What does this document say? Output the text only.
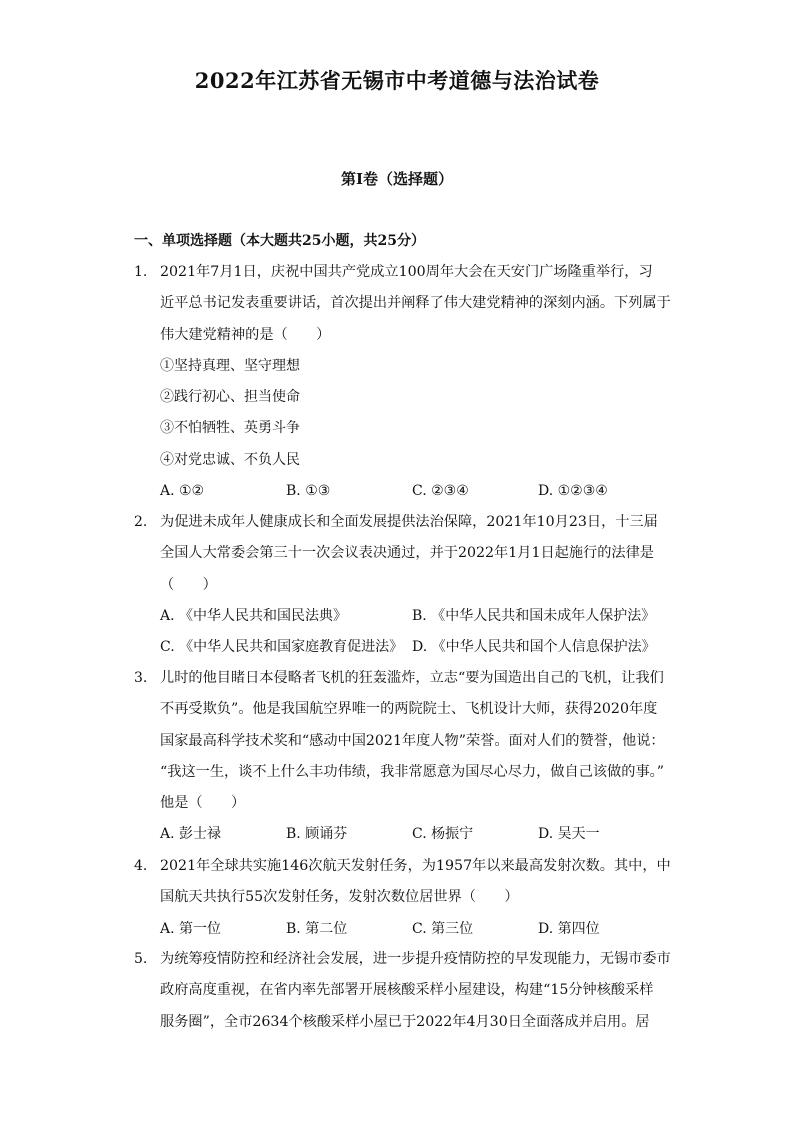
2022年江苏省无锡市中考道德与法治试卷
第I卷（选择题）
一、单项选择题（本大题共25小题，共25分）
1. 2021年7月1日，庆祝中国共产党成立100周年大会在天安门广场隆重举行，习
近平总书记发表重要讲话，首次提出并阐释了伟大建党精神的深刻内涵。下列属于
伟大建党精神的是（　　）
①坚持真理、坚守理想
②践行初心、担当使命
③不怕牺牲、英勇斗争
④对党忠诚、不负人民
A. ①②	B. ①③	C. ②③④	D. ①②③④
2. 为促进未成年人健康成长和全面发展提供法治保障，2021年10月23日，十三届
全国人大常委会第三十一次会议表决通过，并于2022年1月1日起施行的法律是
（　　）
A. 《中华人民共和国民法典》	B. 《中华人民共和国未成年人保护法》
C. 《中华人民共和国家庭教育促进法》 D. 《中华人民共和国个人信息保护法》
3. 儿时的他目睹日本侵略者飞机的狂轰滥炸，立志“要为国造出自己的飞机，让我们
不再受欺负”。他是我国航空界唯一的两院院士、飞机设计大师，获得2020年度
国家最高科学技术奖和“感动中国2021年度人物”荣誉。面对人们的赞誉，他说：
“我这一生，谈不上什么丰功伟绩，我非常愿意为国尽心尽力，做自己该做的事。”
他是（　　）
A. 彭士禄	B. 顾诵芬	C. 杨振宁	D. 吴天一
4. 2021年全球共实施146次航天发射任务，为1957年以来最高发射次数。其中，中
国航天共执行55次发射任务，发射次数位居世界（　　）
A. 第一位	B. 第二位	C. 第三位	D. 第四位
5. 为统筹疫情防控和经济社会发展，进一步提升疫情防控的早发现能力，无锡市委市
政府高度重视，在省内率先部署开展核酸采样小屋建设，构建“15分钟核酸采样
服务圈”，全市2634个核酸采样小屋已于2022年4月30日全面落成并启用。居
